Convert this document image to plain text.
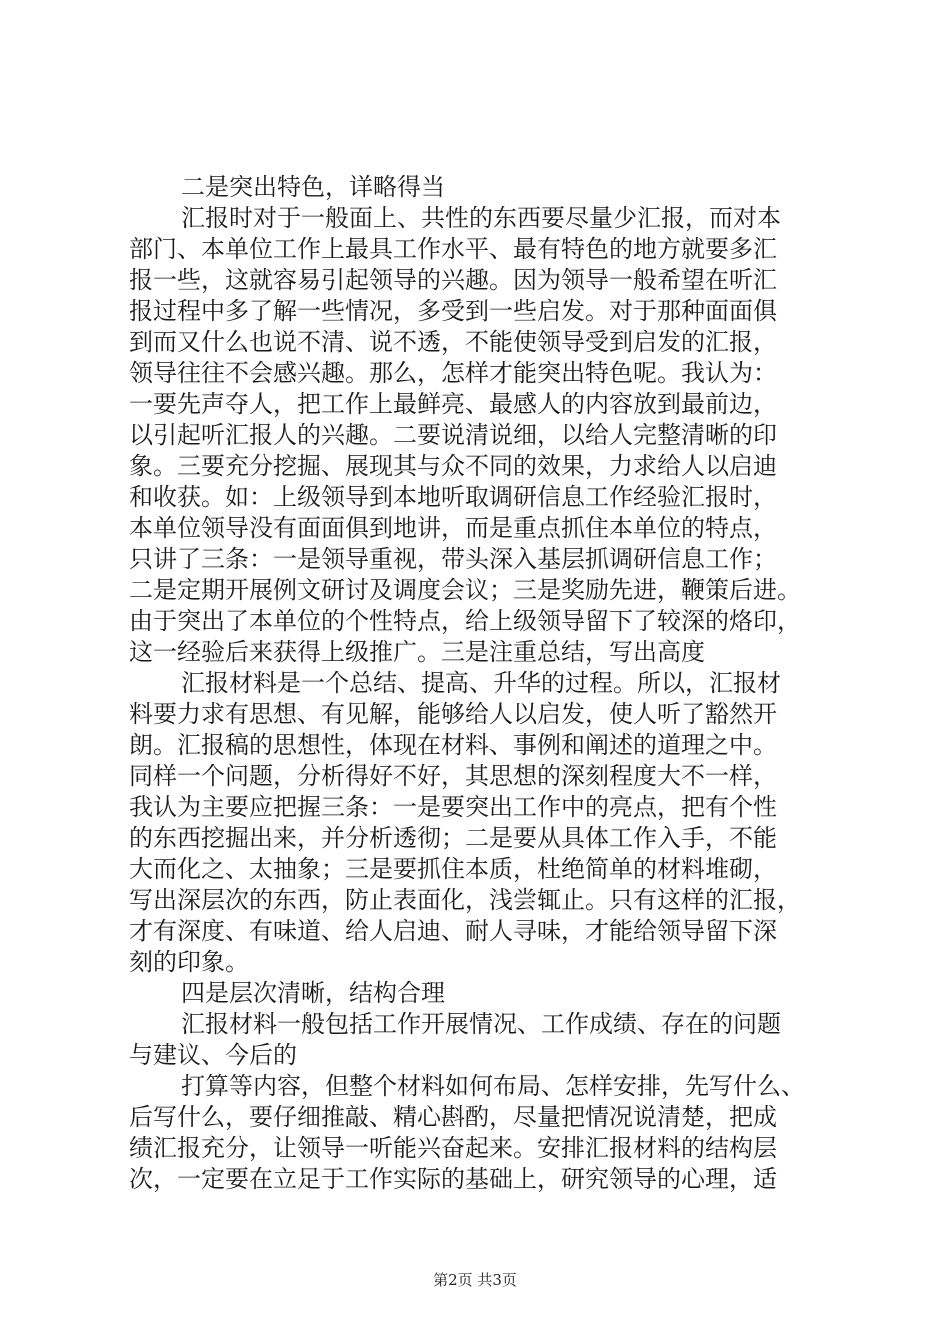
二是突出特色，详略得当
汇报时对于一般面上、共性的东西要尽量少汇报，而对本
部门、本单位工作上最具工作水平、最有特色的地方就要多汇
报一些，这就容易引起领导的兴趣。因为领导一般希望在听汇
报过程中多了解一些情况，多受到一些启发。对于那种面面俱
到而又什么也说不清、说不透，不能使领导受到启发的汇报，
领导往往不会感兴趣。那么，怎样才能突出特色呢。我认为：
一要先声夺人，把工作上最鲜亮、最感人的内容放到最前边，
以引起听汇报人的兴趣。二要说清说细，以给人完整清晰的印
象。三要充分挖掘、展现其与众不同的效果，力求给人以启迪
和收获。如：上级领导到本地听取调研信息工作经验汇报时，
本单位领导没有面面俱到地讲，而是重点抓住本单位的特点，
只讲了三条：一是领导重视，带头深入基层抓调研信息工作；
二是定期开展例文研讨及调度会议；三是奖励先进，鞭策后进。
由于突出了本单位的个性特点，给上级领导留下了较深的烙印，
这一经验后来获得上级推广。三是注重总结，写出高度
汇报材料是一个总结、提高、升华的过程。所以，汇报材
料要力求有思想、有见解，能够给人以启发，使人听了豁然开
朗。汇报稿的思想性，体现在材料、事例和阐述的道理之中。
同样一个问题，分析得好不好，其思想的深刻程度大不一样，
我认为主要应把握三条：一是要突出工作中的亮点，把有个性
的东西挖掘出来，并分析透彻；二是要从具体工作入手，不能
大而化之、太抽象；三是要抓住本质，杜绝简单的材料堆砌，
写出深层次的东西，防止表面化，浅尝辄止。只有这样的汇报，
才有深度、有味道、给人启迪、耐人寻味，才能给领导留下深
刻的印象。
四是层次清晰，结构合理
汇报材料一般包括工作开展情况、工作成绩、存在的问题
与建议、今后的
打算等内容，但整个材料如何布局、怎样安排，先写什么、
后写什么，要仔细推敲、精心斟酌，尽量把情况说清楚，把成
绩汇报充分，让领导一听能兴奋起来。安排汇报材料的结构层
次，一定要在立足于工作实际的基础上，研究领导的心理，适
第2页 共3页
